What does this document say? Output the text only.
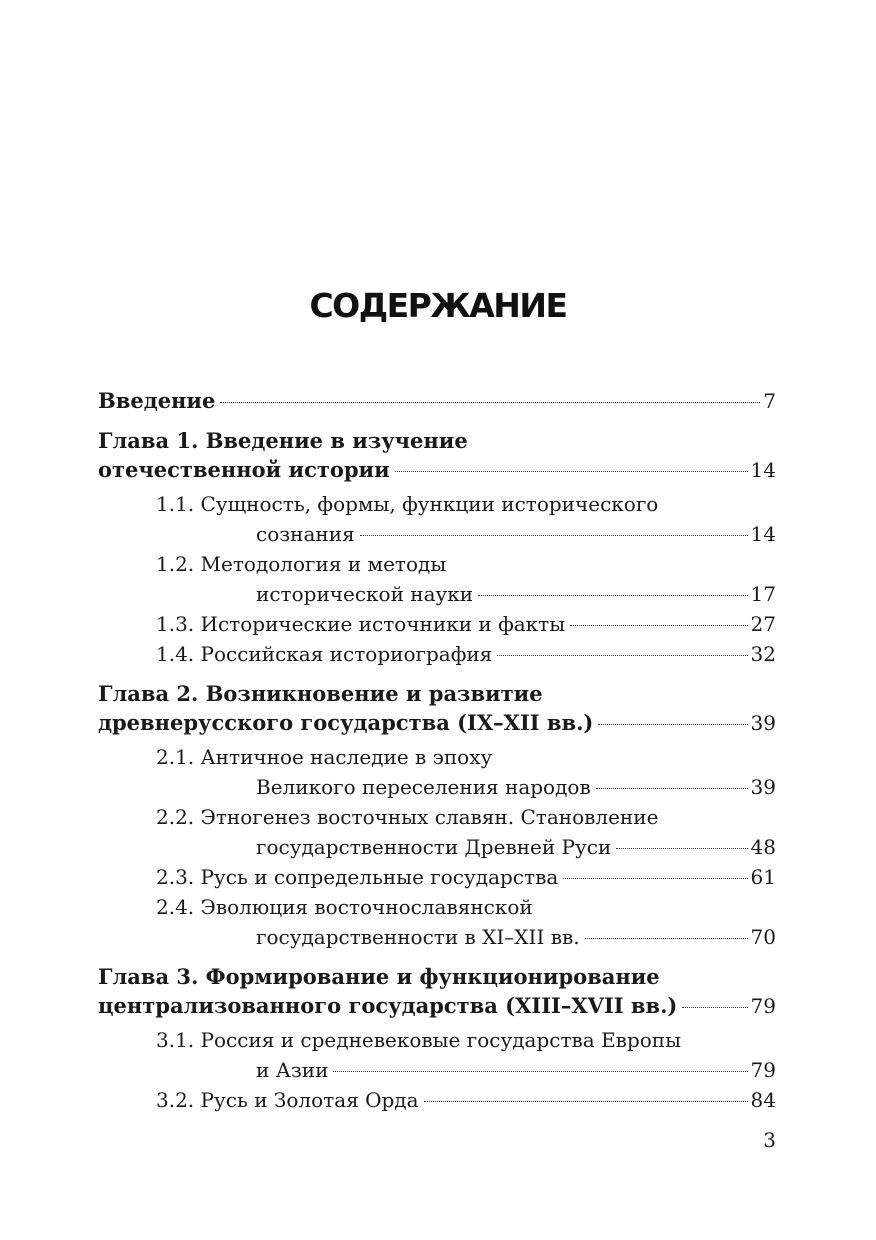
СОДЕРЖАНИЕ
Введение	7
Глава 1. Введение в изучение
отечественной истории	14
1.1. Сущность, формы, функции исторического
сознания	14
1.2. Методология и методы
исторической науки	17
1.3. Исторические источники и факты	27
1.4. Российская историография	32
Глава 2. Возникновение и развитие
древнерусского государства (IX–XII вв.)	39
2.1. Античное наследие в эпоху
Великого переселения народов	39
2.2. Этногенез восточных славян. Становление
государственности Древней Руси	48
2.3. Русь и сопредельные государства	61
2.4. Эволюция восточнославянской
государственности в XI–XII вв.	70
Глава 3. Формирование и функционирование
централизованного государства (XIII–XVII вв.)	79
3.1. Россия и средневековые государства Европы
и Азии	79
3.2. Русь и Золотая Орда	84
3
